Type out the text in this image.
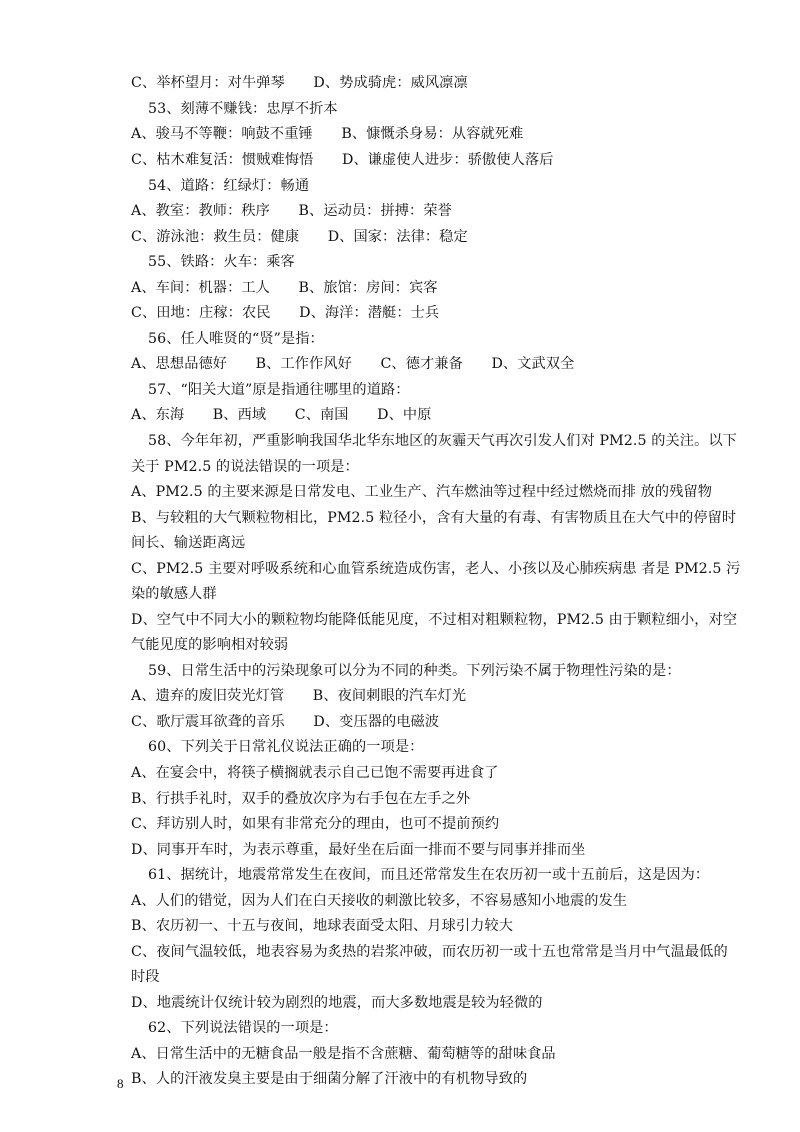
C、举杯望月：对牛弹琴　　D、势成骑虎：威风凛凛
53、刻薄不赚钱：忠厚不折本
A、骏马不等鞭：响鼓不重锤　　B、慷慨杀身易：从容就死难
C、枯木难复活：惯贼难悔悟　　D、谦虚使人进步：骄傲使人落后
54、道路：红绿灯：畅通
A、教室：教师：秩序　　B、运动员：拼搏：荣誉
C、游泳池：救生员：健康　　D、国家：法律：稳定
55、铁路：火车：乘客
A、车间：机器：工人　　B、旅馆：房间：宾客
C、田地：庄稼：农民　　D、海洋：潜艇：士兵
56、任人唯贤的“贤”是指：
A、思想品德好　　B、工作作风好　　C、德才兼备　　D、文武双全
57、“阳关大道”原是指通往哪里的道路：
A、东海　　B、西域　　C、南国　　D、中原
58、今年年初，严重影响我国华北华东地区的灰霾天气再次引发人们对 PM2.5 的关注。以下
关于 PM2.5 的说法错误的一项是：
A、PM2.5 的主要来源是日常发电、工业生产、汽车燃油等过程中经过燃烧而排 放的残留物
B、与较粗的大气颗粒物相比，PM2.5 粒径小，含有大量的有毒、有害物质且在大气中的停留时
间长、输送距离远
C、PM2.5 主要对呼吸系统和心血管系统造成伤害，老人、小孩以及心肺疾病患 者是 PM2.5 污
染的敏感人群
D、空气中不同大小的颗粒物均能降低能见度，不过相对粗颗粒物，PM2.5 由于颗粒细小，对空
气能见度的影响相对较弱
59、日常生活中的污染现象可以分为不同的种类。下列污染不属于物理性污染的是：
A、遗弃的废旧荧光灯管　　B、夜间刺眼的汽车灯光
C、歌厅震耳欲聋的音乐　　D、变压器的电磁波
60、下列关于日常礼仪说法正确的一项是：
A、在宴会中，将筷子横搁就表示自己已饱不需要再进食了
B、行拱手礼时，双手的叠放次序为右手包在左手之外
C、拜访别人时，如果有非常充分的理由，也可不提前预约
D、同事开车时，为表示尊重，最好坐在后面一排而不要与同事并排而坐
61、据统计，地震常常发生在夜间，而且还常常发生在农历初一或十五前后，这是因为：
A、人们的错觉，因为人们在白天接收的刺激比较多，不容易感知小地震的发生
B、农历初一、十五与夜间，地球表面受太阳、月球引力较大
C、夜间气温较低，地表容易为炙热的岩浆冲破，而农历初一或十五也常常是当月中气温最低的
时段
D、地震统计仅统计较为剧烈的地震，而大多数地震是较为轻微的
62、下列说法错误的一项是：
A、日常生活中的无糖食品一般是指不含蔗糖、葡萄糖等的甜味食品
B、人的汗液发臭主要是由于细菌分解了汗液中的有机物导致的
8
